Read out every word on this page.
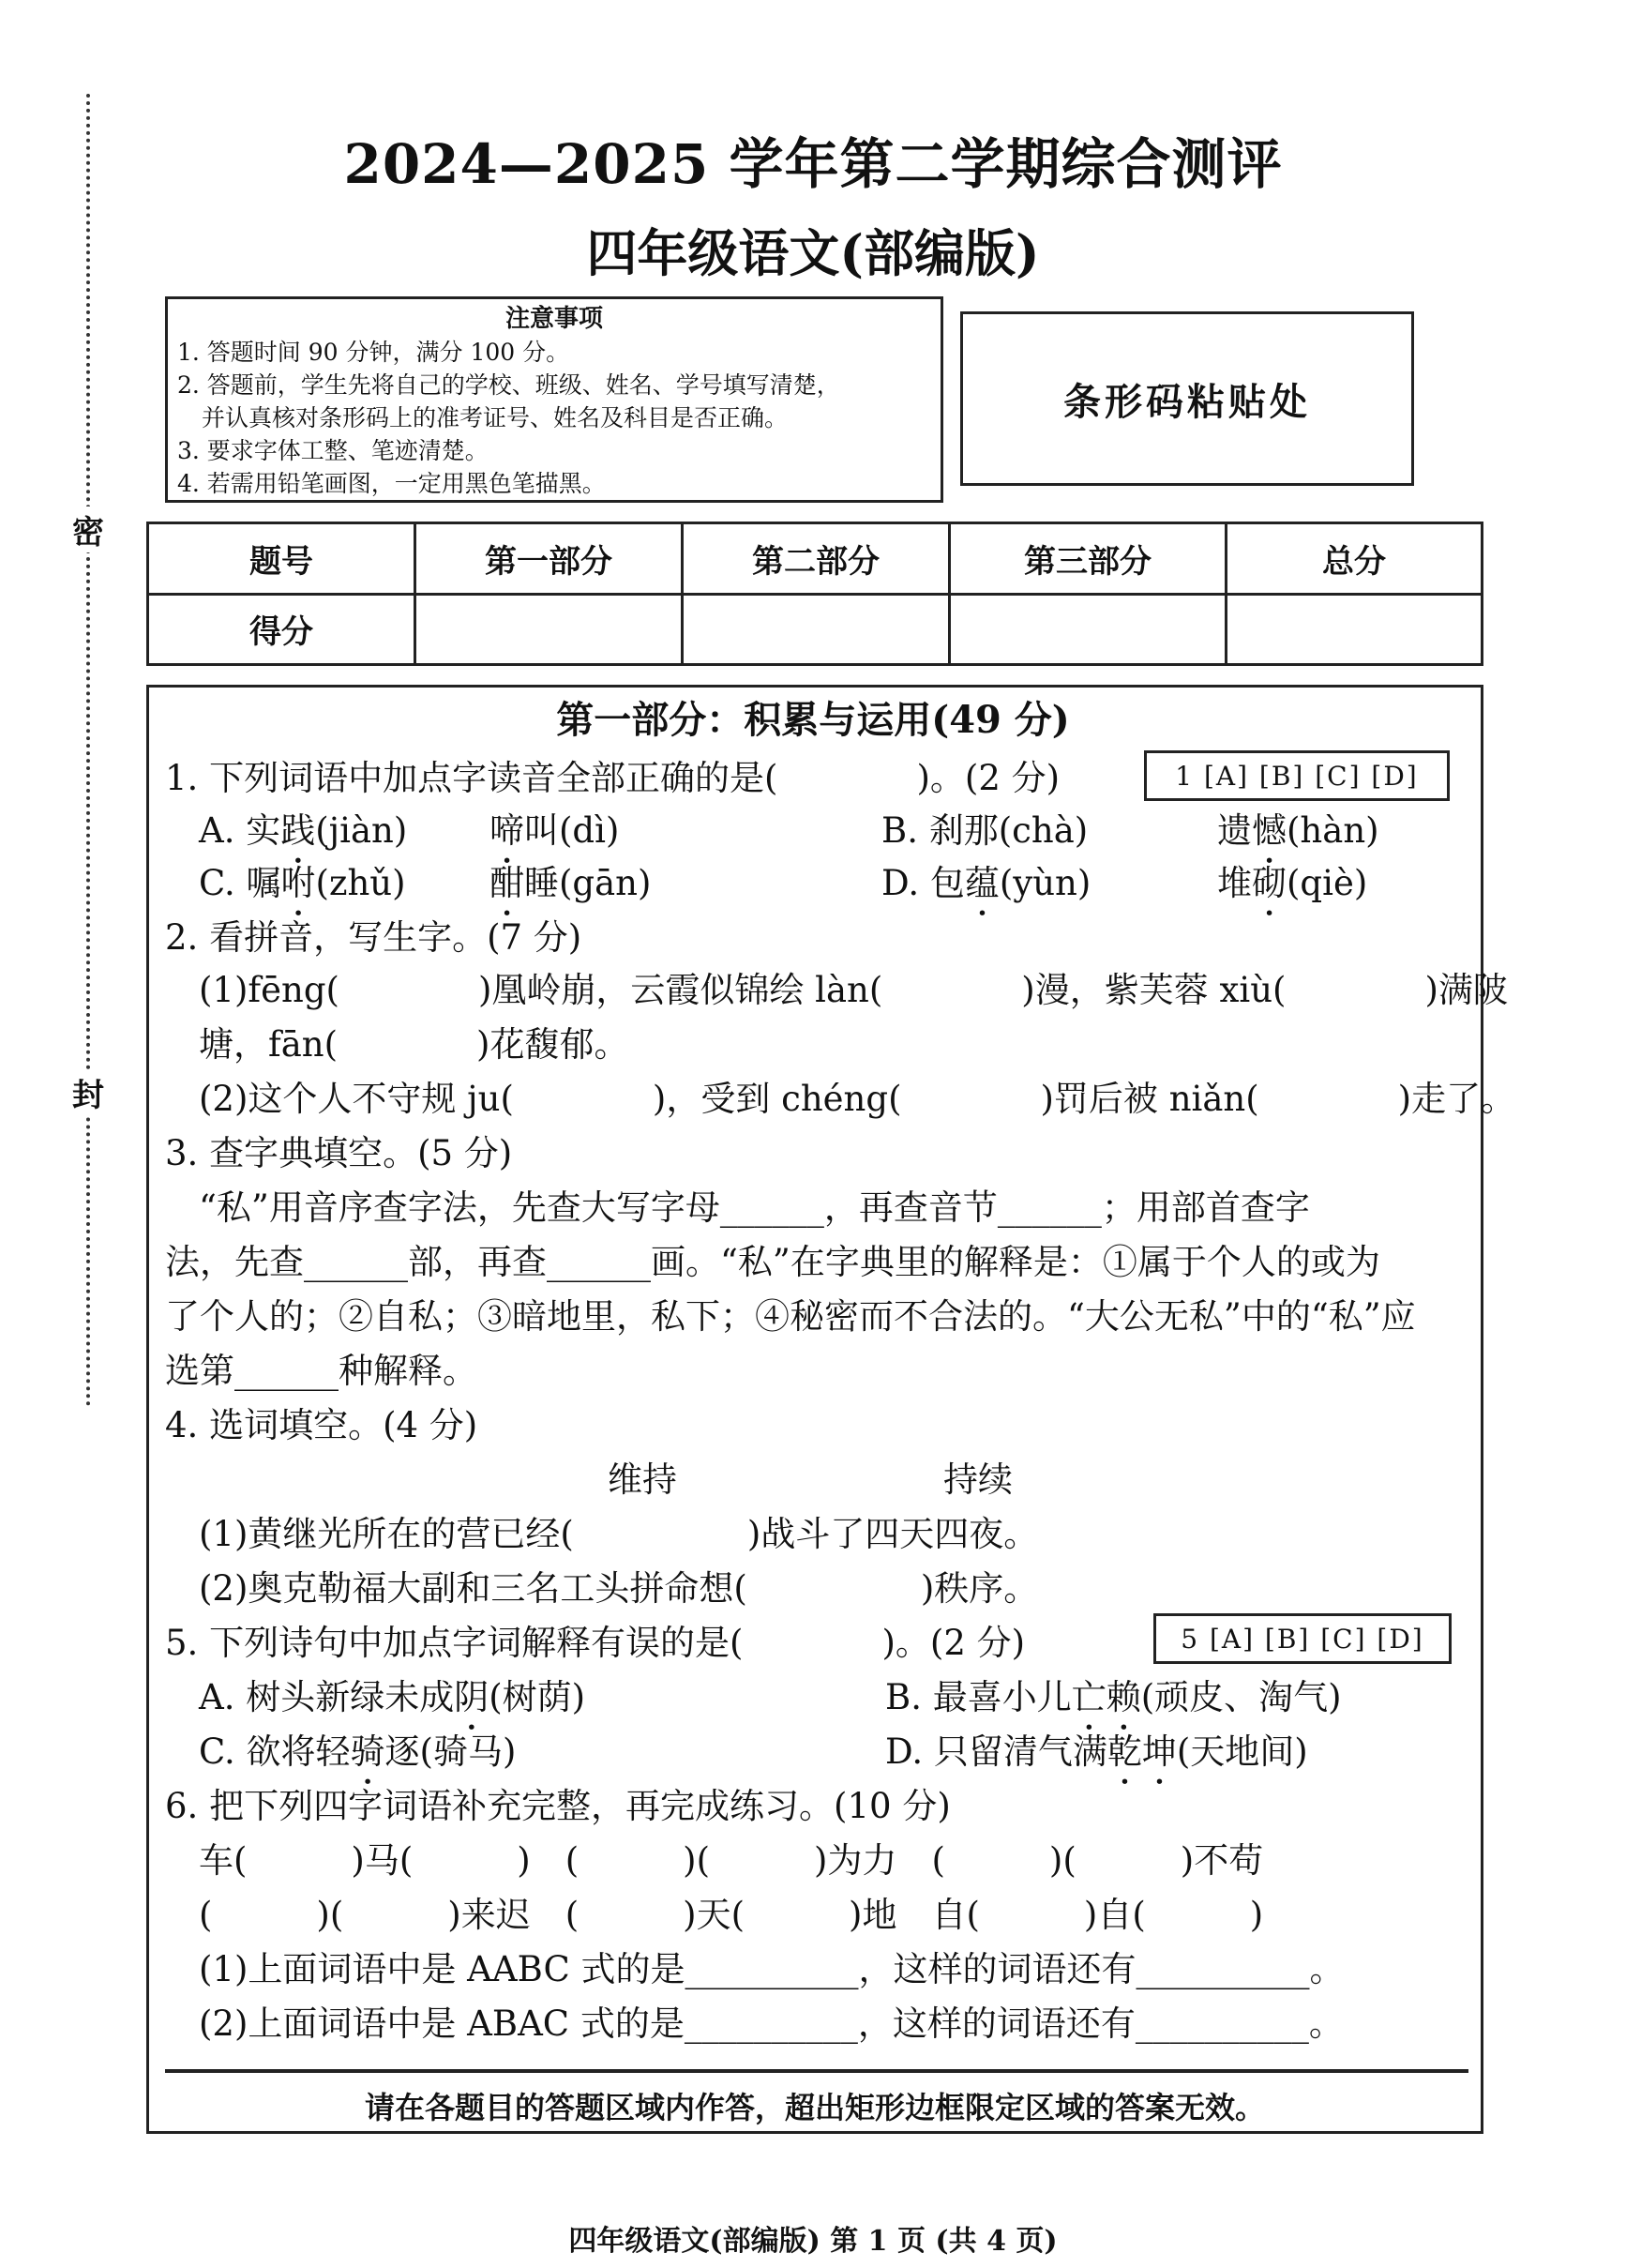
密
封
2024—2025 学年第二学期综合测评
四年级语文(部编版)
注意事项
1. 答题时间 90 分钟，满分 100 分。
2. 答题前，学生先将自己的学校、班级、姓名、学号填写清楚，
并认真核对条形码上的准考证号、姓名及科目是否正确。
3. 要求字体工整、笔迹清楚。
4. 若需用铅笔画图，一定用黑色笔描黑。
条形码粘贴处
题号	第一部分	第二部分	第三部分	总分
得分				
第一部分：积累与运用(49 分)
1. 下列词语中加点字读音全部正确的是(　　　　)。(2 分)	1 [A] [B] [C] [D]
A. 实践(jiàn) 啼叫(dì)	B. 刹那(chà)	遗憾(hàn)
C. 嘱咐(zhǔ) 酣睡(gān)	D. 包蕴(yùn)	堆砌(qiè)
2. 看拼音，写生字。(7 分)
(1)fēng(　　　　)凰岭崩，云霞似锦绘 làn(　　　　)漫，紫芙蓉 xiù(　　　　)满陂
塘，fān(　　　　)花馥郁。
(2)这个人不守规 ju(　　　　)，受到 chéng(　　　　)罚后被 niǎn(　　　　)走了。
3. 查字典填空。(5 分)
“私”用音序查字法，先查大写字母______，再查音节______；用部首查字
法，先查______部，再查______画。“私”在字典里的解释是：①属于个人的或为
了个人的；②自私；③暗地里，私下；④秘密而不合法的。“大公无私”中的“私”应
选第______种解释。
4. 选词填空。(4 分)
维持	持续
(1)黄继光所在的营已经(　　　　　)战斗了四天四夜。
(2)奥克勒福大副和三名工头拼命想(　　　　　)秩序。
5. 下列诗句中加点字词解释有误的是(　　　　)。(2 分)	5 [A] [B] [C] [D]
A. 树头新绿未成阴(树荫)	B. 最喜小儿亡赖(顽皮、淘气)
C. 欲将轻骑逐(骑马)	D. 只留清气满乾坤(天地间)
6. 把下列四字词语补充完整，再完成练习。(10 分)
车(　　　)马(　　　)　(　　　)(　　　)为力　(　　　)(　　　)不苟
(　　　)(　　　)来迟　(　　　)天(　　　)地　自(　　　)自(　　　)
(1)上面词语中是 AABC 式的是__________，这样的词语还有__________。
(2)上面词语中是 ABAC 式的是__________，这样的词语还有__________。
请在各题目的答题区域内作答，超出矩形边框限定区域的答案无效。
四年级语文(部编版) 第 1 页 (共 4 页)
